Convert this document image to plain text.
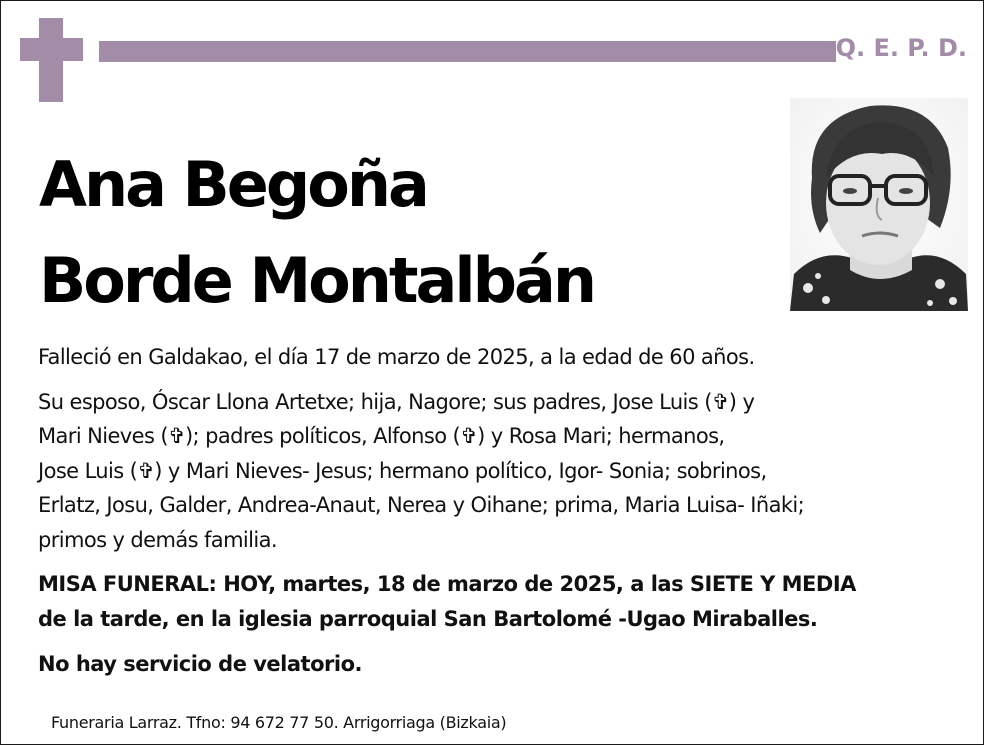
Q. E. P. D.
Ana Begoña
Borde Montalbán

Falleció en Galdakao, el día 17 de marzo de 2025, a la edad de 60 años.

Su esposo, Óscar Llona Artetxe; hija, Nagore; sus padres, Jose Luis (✞) y
Mari Nieves (✞); padres políticos, Alfonso (✞) y Rosa Mari; hermanos,
Jose Luis (✞) y Mari Nieves- Jesus; hermano político, Igor- Sonia; sobrinos,
Erlatz, Josu, Galder, Andrea-Anaut, Nerea y Oihane; prima, Maria Luisa- Iñaki;
primos y demás familia.

MISA FUNERAL: HOY, martes, 18 de marzo de 2025, a las SIETE Y MEDIA
de la tarde, en la iglesia parroquial San Bartolomé -Ugao Miraballes.

No hay servicio de velatorio.

Funeraria Larraz. Tfno: 94 672 77 50. Arrigorriaga (Bizkaia)
